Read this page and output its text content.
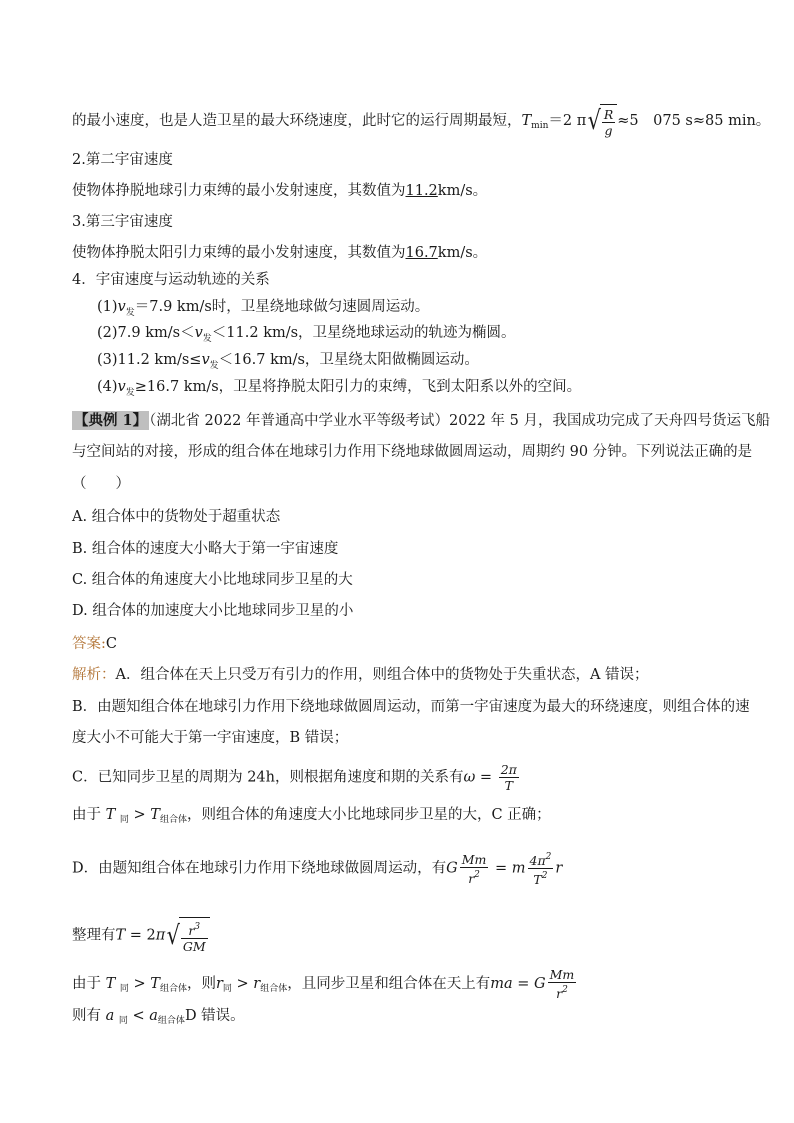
的最小速度，也是人造卫星的最大环绕速度，此时它的运行周期最短，$T_{min}=2$ $\pi√ \frac{R}{g} \approx 5$　075 s≈85 min。
2.第二宇宙速度
使物体挣脱地球引力束缚的最小发射速度，其数值为11.2km/s。
3.第三宇宙速度
使物体挣脱太阳引力束缚的最小发射速度，其数值为16.7km/s。
4．宇宙速度与运动轨迹的关系
$(1)v_发=7.9$ km/s时，卫星绕地球做匀速圆周运动。
(2)7.9 $km/s<v_发<11.2$ km/s，卫星绕地球运动的轨迹为椭圆。
(3)11.2 $km/s\le v_发<16.7$ km/s，卫星绕太阳做椭圆运动。
$(4)v_发\ge 16.7$ km/s，卫星将挣脱太阳引力的束缚，飞到太阳系以外的空间。
【典例 1】 （湖北省 2022 年普通高中学业水平等级考试）2022 年 5 月，我国成功完成了天舟四号货运飞船
与空间站的对接，形成的组合体在地球引力作用下绕地球做圆周运动，周期约 90 分钟。下列说法正确的是
（　　）
A. 组合体中的货物处于超重状态
B. 组合体的速度大小略大于第一宇宙速度
C. 组合体的角速度大小比地球同步卫星的大
D. 组合体的加速度大小比地球同步卫星的小
答案:C
解析：A．组合体在天上只受万有引力的作用，则组合体中的货物处于失重状态，A 错误；
B．由题知组合体在地球引力作用下绕地球做圆周运动，而第一宇宙速度为最大的环绕速度，则组合体的速
度大小不可能大于第一宇宙速度，B 错误；
C．已知同步卫星的周期为 24h，则根据角速度和期的关系有$\omega = \frac{2\pi}{T}$
由于 T $_同 > T_{组合体}$，则组合体的角速度大小比地球同步卫星的大，C 正确；
D．由题知组合体在地球引力作用下绕地球做圆周运动，有G $\frac{Mm}{r^2} = m \frac{4\pi^2}{T^2}$ r
整理有$T = 2\pi√ \frac{r^3}{GM}$
由于 T $_同 > T_{组合体}$，则$r_同 > r_{组合体}$，且同步卫星和组合体在天上有ma = G $\frac{Mm}{r^2}$
则有 a $_同 < a_{组合体}D$ 错误。
